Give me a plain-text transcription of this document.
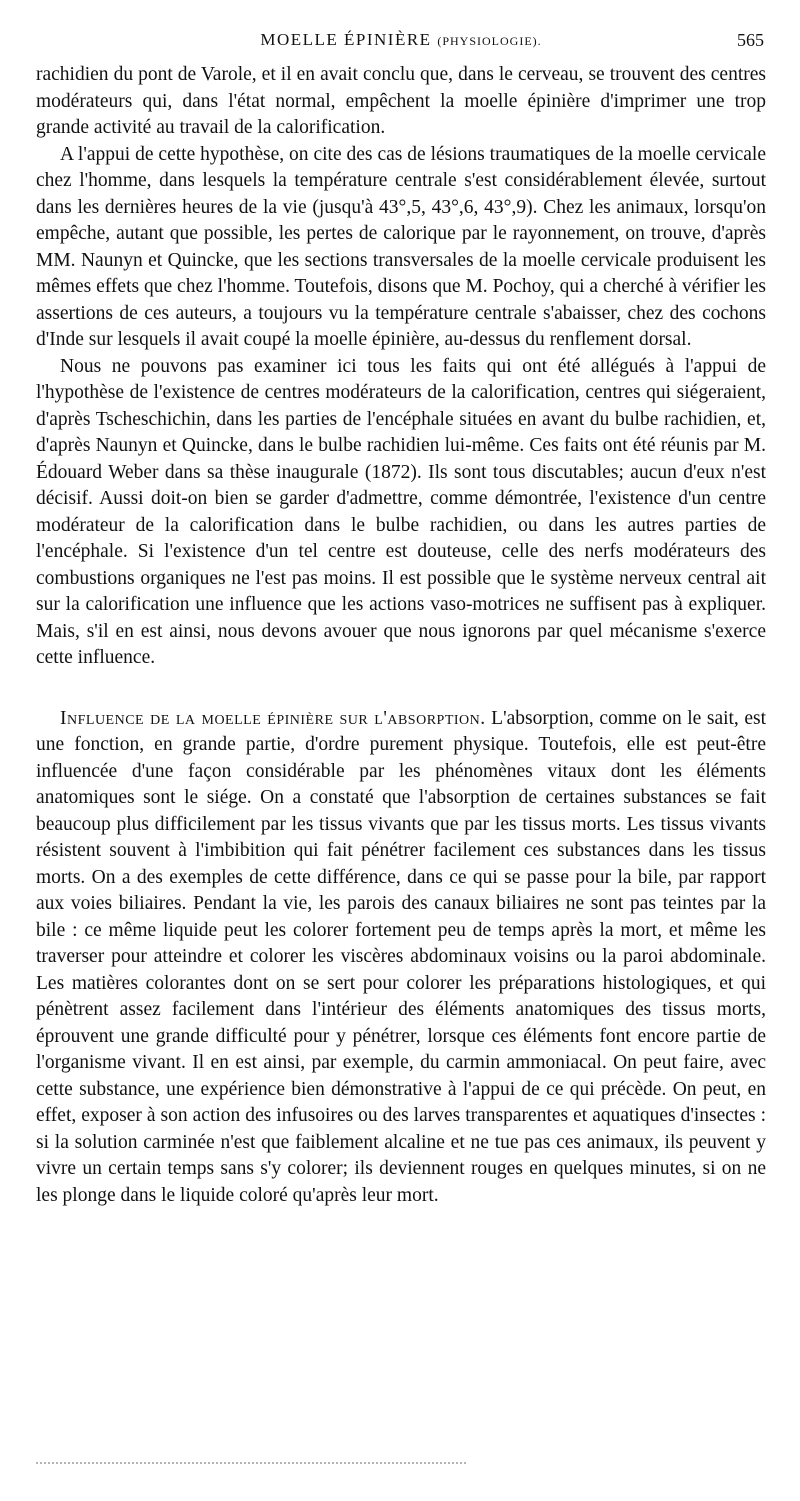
MOELLE ÉPINIÈRE (PHYSIOLOGIE).	565

rachidien du pont de Varole, et il en avait conclu que, dans le cerveau, se trouvent des centres modérateurs qui, dans l'état normal, empêchent la moelle épinière d'imprimer une trop grande activité au travail de la calorification.

A l'appui de cette hypothèse, on cite des cas de lésions traumatiques de la moelle cervicale chez l'homme, dans lesquels la température centrale s'est considérablement élevée, surtout dans les dernières heures de la vie (jusqu'à 43°,5, 43°,6, 43°,9). Chez les animaux, lorsqu'on empêche, autant que possible, les pertes de calorique par le rayonnement, on trouve, d'après MM. Naunyn et Quincke, que les sections transversales de la moelle cervicale produisent les mêmes effets que chez l'homme. Toutefois, disons que M. Pochoy, qui a cherché à vérifier les assertions de ces auteurs, a toujours vu la température centrale s'abaisser, chez des cochons d'Inde sur lesquels il avait coupé la moelle épinière, au-dessus du renflement dorsal.

Nous ne pouvons pas examiner ici tous les faits qui ont été allégués à l'appui de l'hypothèse de l'existence de centres modérateurs de la calorification, centres qui siégeraient, d'après Tscheschichin, dans les parties de l'encéphale situées en avant du bulbe rachidien, et, d'après Naunyn et Quincke, dans le bulbe rachidien lui-même. Ces faits ont été réunis par M. Édouard Weber dans sa thèse inaugurale (1872). Ils sont tous discutables; aucun d'eux n'est décisif. Aussi doit-on bien se garder d'admettre, comme démontrée, l'existence d'un centre modérateur de la calorification dans le bulbe rachidien, ou dans les autres parties de l'encéphale. Si l'existence d'un tel centre est douteuse, celle des nerfs modérateurs des combustions organiques ne l'est pas moins. Il est possible que le système nerveux central ait sur la calorification une influence que les actions vaso-motrices ne suffisent pas à expliquer. Mais, s'il en est ainsi, nous devons avouer que nous ignorons par quel mécanisme s'exerce cette influence.

Influence de la moelle épinière sur l'absorption. L'absorption, comme on le sait, est une fonction, en grande partie, d'ordre purement physique. Toutefois, elle est peut-être influencée d'une façon considérable par les phénomènes vitaux dont les éléments anatomiques sont le siége. On a constaté que l'absorption de certaines substances se fait beaucoup plus difficilement par les tissus vivants que par les tissus morts. Les tissus vivants résistent souvent à l'imbibition qui fait pénétrer facilement ces substances dans les tissus morts. On a des exemples de cette différence, dans ce qui se passe pour la bile, par rapport aux voies biliaires. Pendant la vie, les parois des canaux biliaires ne sont pas teintes par la bile : ce même liquide peut les colorer fortement peu de temps après la mort, et même les traverser pour atteindre et colorer les viscères abdominaux voisins ou la paroi abdominale. Les matières colorantes dont on se sert pour colorer les préparations histologiques, et qui pénètrent assez facilement dans l'intérieur des éléments anatomiques des tissus morts, éprouvent une grande difficulté pour y pénétrer, lorsque ces éléments font encore partie de l'organisme vivant. Il en est ainsi, par exemple, du carmin ammoniacal. On peut faire, avec cette substance, une expérience bien démonstrative à l'appui de ce qui précède. On peut, en effet, exposer à son action des infusoires ou des larves transparentes et aquatiques d'insectes : si la solution carminée n'est que faiblement alcaline et ne tue pas ces animaux, ils peuvent y vivre un certain temps sans s'y colorer; ils deviennent rouges en quelques minutes, si on ne les plonge dans le liquide coloré qu'après leur mort.
